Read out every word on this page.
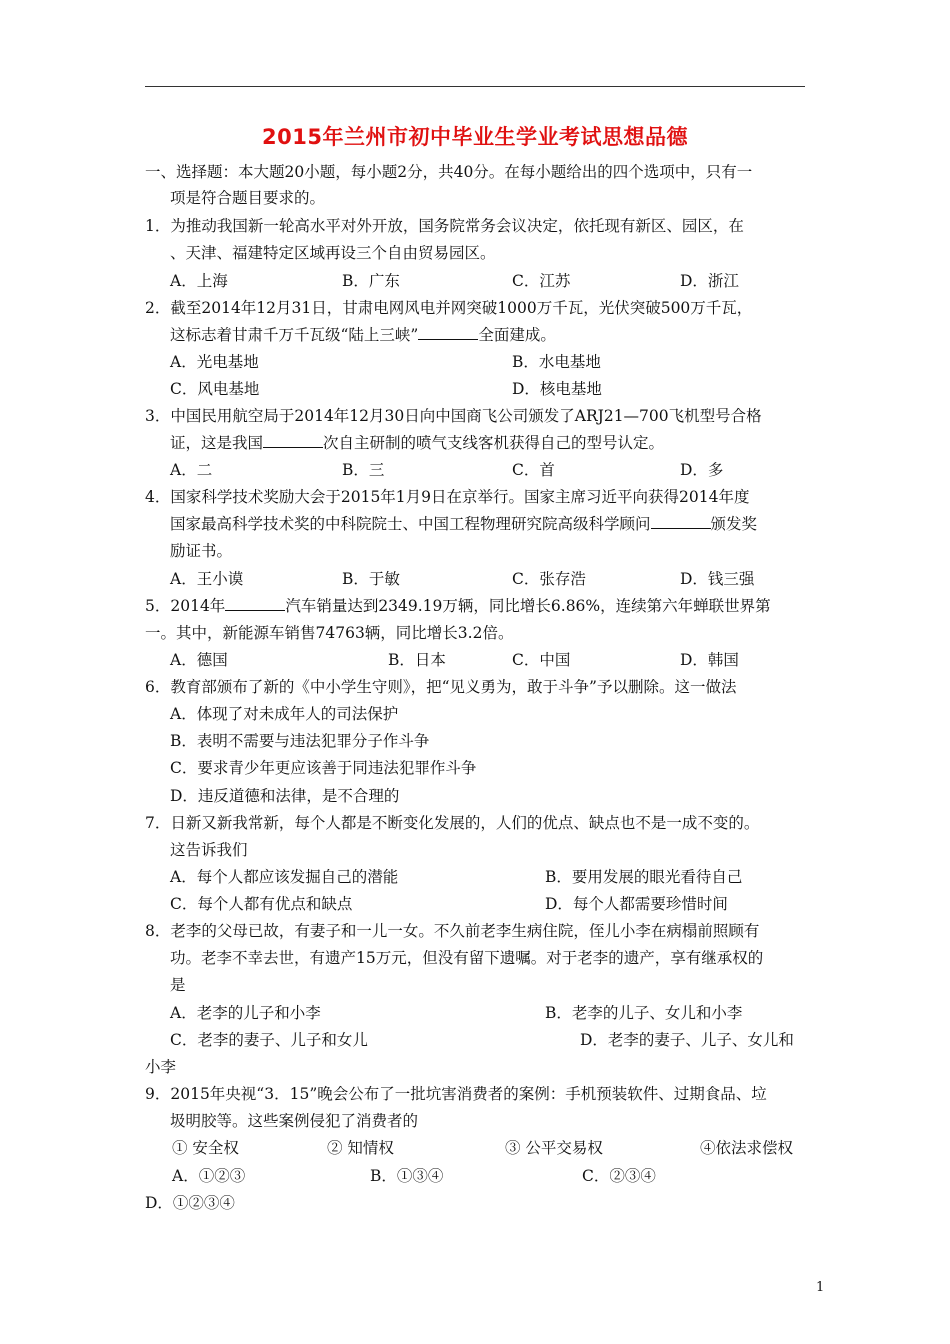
2015年兰州市初中毕业生学业考试思想品德
一、选择题：本大题20小题，每小题2分，共40分。在每小题给出的四个选项中，只有一
项是符合题目要求的。
1．为推动我国新一轮高水平对外开放，国务院常务会议决定，依托现有新区、园区，在
、天津、福建特定区域再设三个自由贸易园区。
A．上海	B．广东	C．江苏	D．浙江
2．截至2014年12月31日，甘肃电网风电并网突破1000万千瓦，光伏突破500万千瓦，
这标志着甘肃千万千瓦级“陆上三峡”	全面建成。
A．光电基地	B．水电基地
C．风电基地	D．核电基地
3．中国民用航空局于2014年12月30日向中国商飞公司颁发了ARJ21—700飞机型号合格
证，这是我国	次自主研制的喷气支线客机获得自己的型号认定。
A．二	B．三	C．首	D．多
4．国家科学技术奖励大会于2015年1月9日在京举行。国家主席习近平向获得2014年度
国家最高科学技术奖的中科院院士、中国工程物理研究院高级科学顾问	颁发奖
励证书。
A．王小谟	B．于敏	C．张存浩	D．钱三强
5．2014年	汽车销量达到2349.19万辆，同比增长6.86%，连续第六年蝉联世界第
一。其中，新能源车销售74763辆，同比增长3.2倍。
A．德国	B．日本	C．中国	D．韩国
6．教育部颁布了新的《中小学生守则》，把“见义勇为，敢于斗争”予以删除。这一做法
A．体现了对未成年人的司法保护
B．表明不需要与违法犯罪分子作斗争
C．要求青少年更应该善于同违法犯罪作斗争
D．违反道德和法律，是不合理的
7．日新又新我常新，每个人都是不断变化发展的，人们的优点、缺点也不是一成不变的。
这告诉我们
A．每个人都应该发掘自己的潜能	B．要用发展的眼光看待自己
C．每个人都有优点和缺点	D．每个人都需要珍惜时间
8．老李的父母已故，有妻子和一儿一女。不久前老李生病住院，侄儿小李在病榻前照顾有
功。老李不幸去世，有遗产15万元，但没有留下遗嘱。对于老李的遗产，享有继承权的
是
A．老李的儿子和小李	B．老李的儿子、女儿和小李
C．老李的妻子、儿子和女儿	D．老李的妻子、儿子、女儿和
小李
9．2015年央视“3．15”晚会公布了一批坑害消费者的案例：手机预装软件、过期食品、垃
圾明胶等。这些案例侵犯了消费者的
① 安全权	② 知情权	③ 公平交易权	④依法求偿权
A．①②③	B．①③④	C．②③④
D．①②③④
1
